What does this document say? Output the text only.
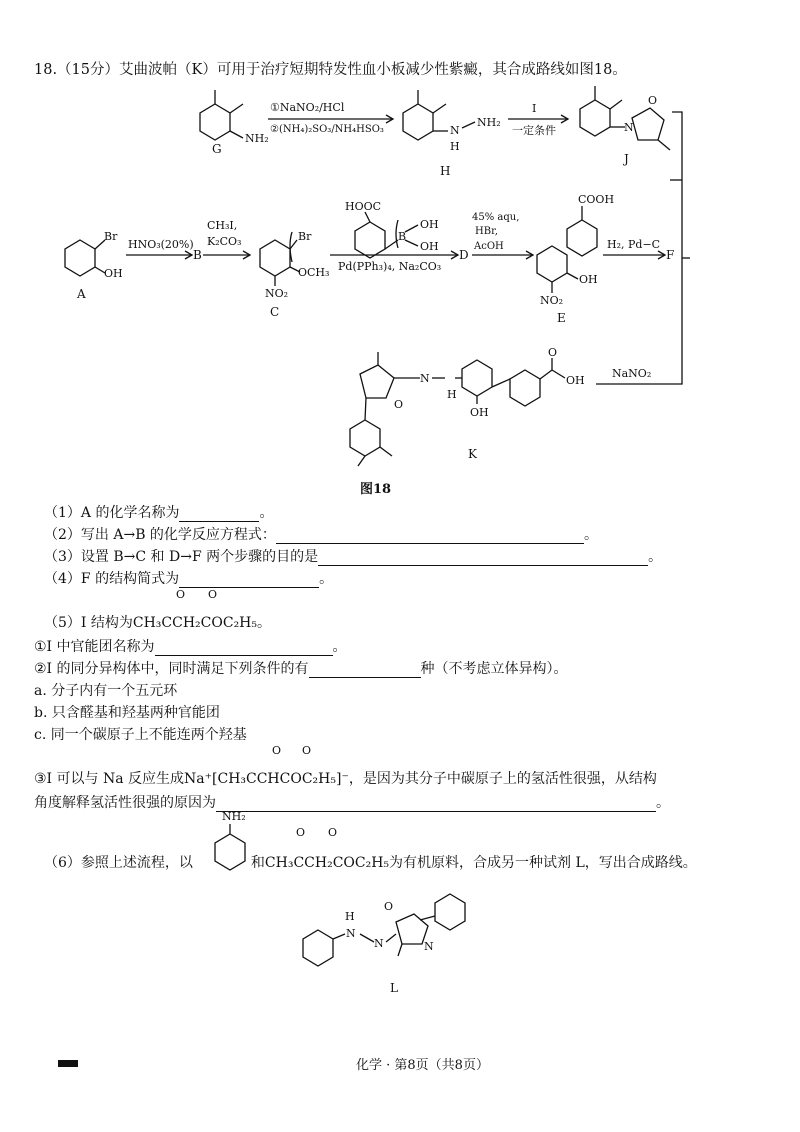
18.（15分）艾曲波帕（K）可用于治疗短期特发性血小板减少性紫癜，其合成路线如图18。
G
NH₂
①NaNO₂/HCl
②(NH₄)₂SO₃/NH₄HSO₃
H
N
H
NH₂
I
一定条件
J
O
N
A
Br
OH
HNO₃(20%)
B
CH₃I,
K₂CO₃	Br
OCH₃
NO₂
C
HOOC
B
OH
OH
Pd(PPh₃)₄, Na₂CO₃
D
45% aqu,
HBr,
AcOH
COOH
OH
NO₂
E
H₂, Pd−C
F
NaNO₂
N
H
O
OH
O
OH
K
图18
（1）A 的化学名称为	。
（2）写出 A→B 的化学反应方程式：	。
（3）设置 B→C 和 D→F 两个步骤的目的是	。
（4）F 的结构简式为	。
O O
（5）I 结构为CH₃CCH₂COC₂H₅。
①I 中官能团名称为	。
②I 的同分异构体中，同时满足下列条件的有	种（不考虑立体异构）。
a. 分子内有一个五元环
b. 只含醛基和羟基两种官能团
c. 同一个碳原子上不能连两个羟基
O O
③I 可以与 Na 反应生成Na⁺[CH₃CCHCOC₂H₅]⁻，是因为其分子中碳原子上的氢活性很强，从结构
角度解释氢活性很强的原因为	。
NH₂
O O
（6）参照上述流程，以	和CH₃CCH₂COC₂H₅为有机原料，合成另一种试剂 L，写出合成路线。
O
H
N
N	N
L
化学 · 第8页（共8页）
